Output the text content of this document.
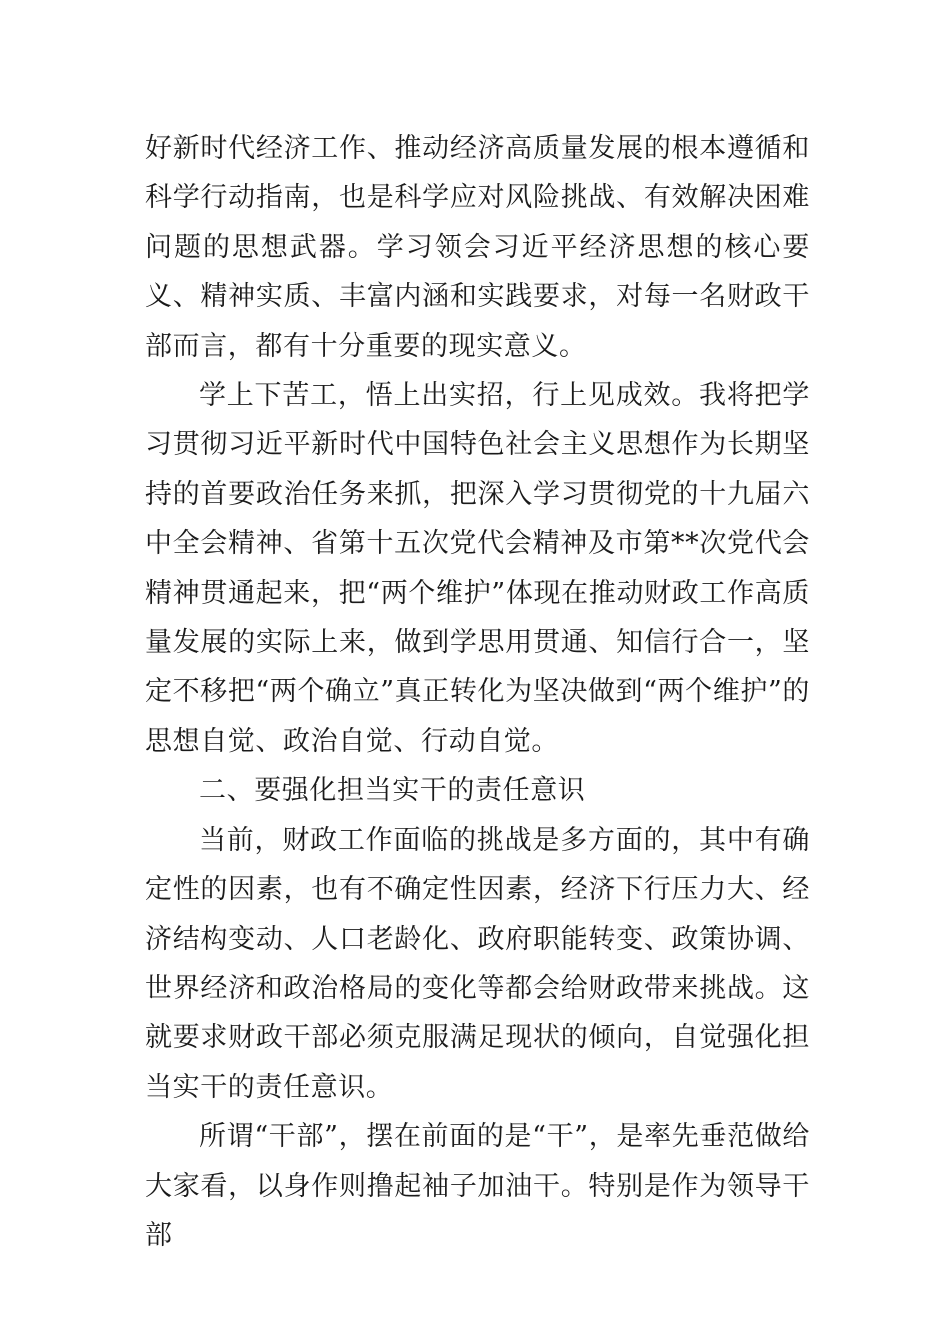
好新时代经济工作、推动经济高质量发展的根本遵循和科学行动指南，也是科学应对风险挑战、有效解决困难问题的思想武器。学习领会习近平经济思想的核心要义、精神实质、丰富内涵和实践要求，对每一名财政干部而言，都有十分重要的现实意义。

学上下苦工，悟上出实招，行上见成效。我将把学习贯彻习近平新时代中国特色社会主义思想作为长期坚持的首要政治任务来抓，把深入学习贯彻党的十九届六中全会精神、省第十五次党代会精神及市第**次党代会精神贯通起来，把“两个维护”体现在推动财政工作高质量发展的实际上来，做到学思用贯通、知信行合一，坚定不移把“两个确立”真正转化为坚决做到“两个维护”的思想自觉、政治自觉、行动自觉。

二、要强化担当实干的责任意识

当前，财政工作面临的挑战是多方面的，其中有确定性的因素，也有不确定性因素，经济下行压力大、经济结构变动、人口老龄化、政府职能转变、政策协调、世界经济和政治格局的变化等都会给财政带来挑战。这就要求财政干部必须克服满足现状的倾向，自觉强化担当实干的责任意识。

所谓“干部”，摆在前面的是“干”，是率先垂范做给大家看，以身作则撸起袖子加油干。特别是作为领导干部
